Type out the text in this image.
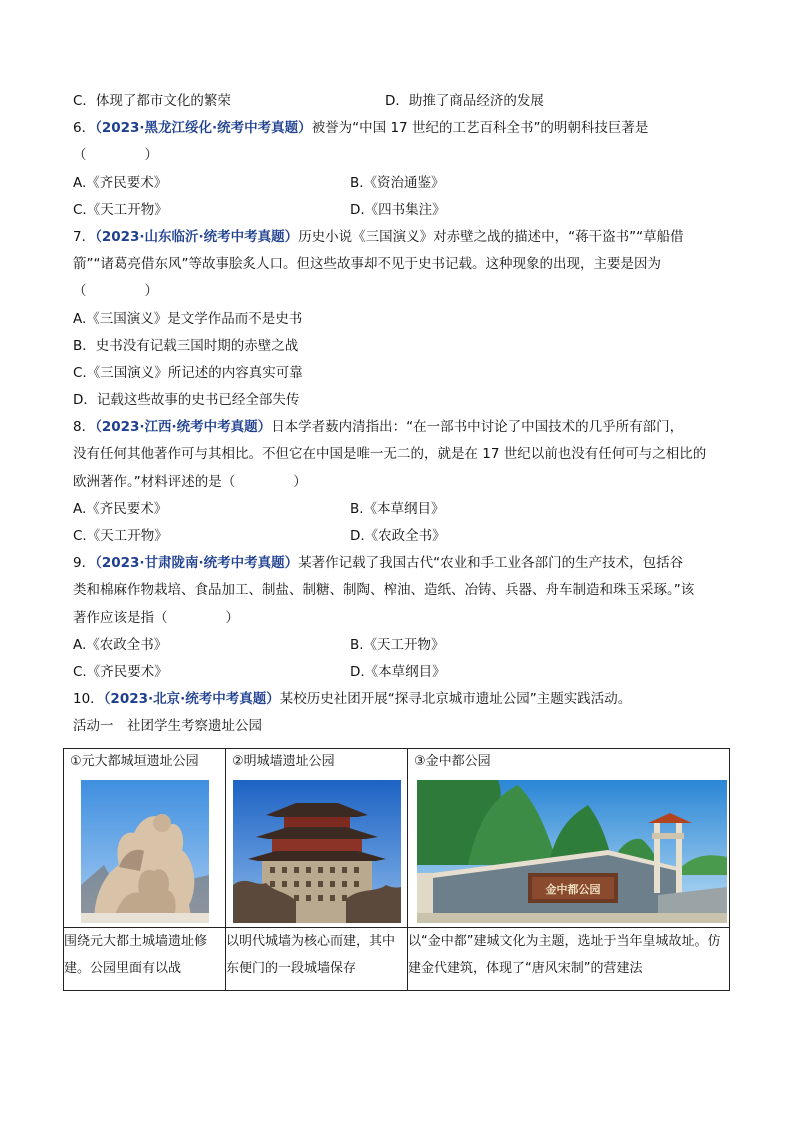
C．体现了都市文化的繁荣	D．助推了商品经济的发展
6．（2023·黑龙江绥化·统考中考真题）被誉为“中国 17 世纪的工艺百科全书”的明朝科技巨著是
（	）
A.《齐民要术》	B.《资治通鉴》
C.《天工开物》	D.《四书集注》
7．（2023·山东临沂·统考中考真题）历史小说《三国演义》对赤壁之战的描述中，“蒋干盗书”“草船借
箭”“诸葛亮借东风”等故事脍炙人口。但这些故事却不见于史书记载。这种现象的出现，主要是因为
（	）
A.《三国演义》是文学作品而不是史书
B．史书没有记载三国时期的赤壁之战
C.《三国演义》所记述的内容真实可靠
D．记载这些故事的史书已经全部失传
8．（2023·江西·统考中考真题）日本学者薮内清指出：“在一部书中讨论了中国技术的几乎所有部门，
没有任何其他著作可与其相比。不但它在中国是唯一无二的，就是在 17 世纪以前也没有任何可与之相比的
欧洲著作。”材料评述的是（	）
A.《齐民要术》	B.《本草纲目》
C.《天工开物》	D.《农政全书》
9．（2023·甘肃陇南·统考中考真题）某著作记载了我国古代“农业和手工业各部门的生产技术，包括谷
类和棉麻作物栽培、食品加工、制盐、制糖、制陶、榨油、造纸、冶铸、兵器、舟车制造和珠玉采琢。”该
著作应该是指（	）
A.《农政全书》	B.《天工开物》
C.《齐民要术》	D.《本草纲目》
10．（2023·北京·统考中考真题）某校历史社团开展“探寻北京城市遗址公园”主题实践活动。
活动一　社团学生考察遗址公园
①元大都城垣遗址公园	②明城墙遗址公园	③金中都公园
金中都公园

围绕元大都土城墙遗址修建。公园里面有以战	以明代城墙为核心而建，其中东便门的一段城墙保存	以“金中都”建城文化为主题，选址于当年皇城故址。仿建金代建筑，体现了“唐风宋制”的营建法
